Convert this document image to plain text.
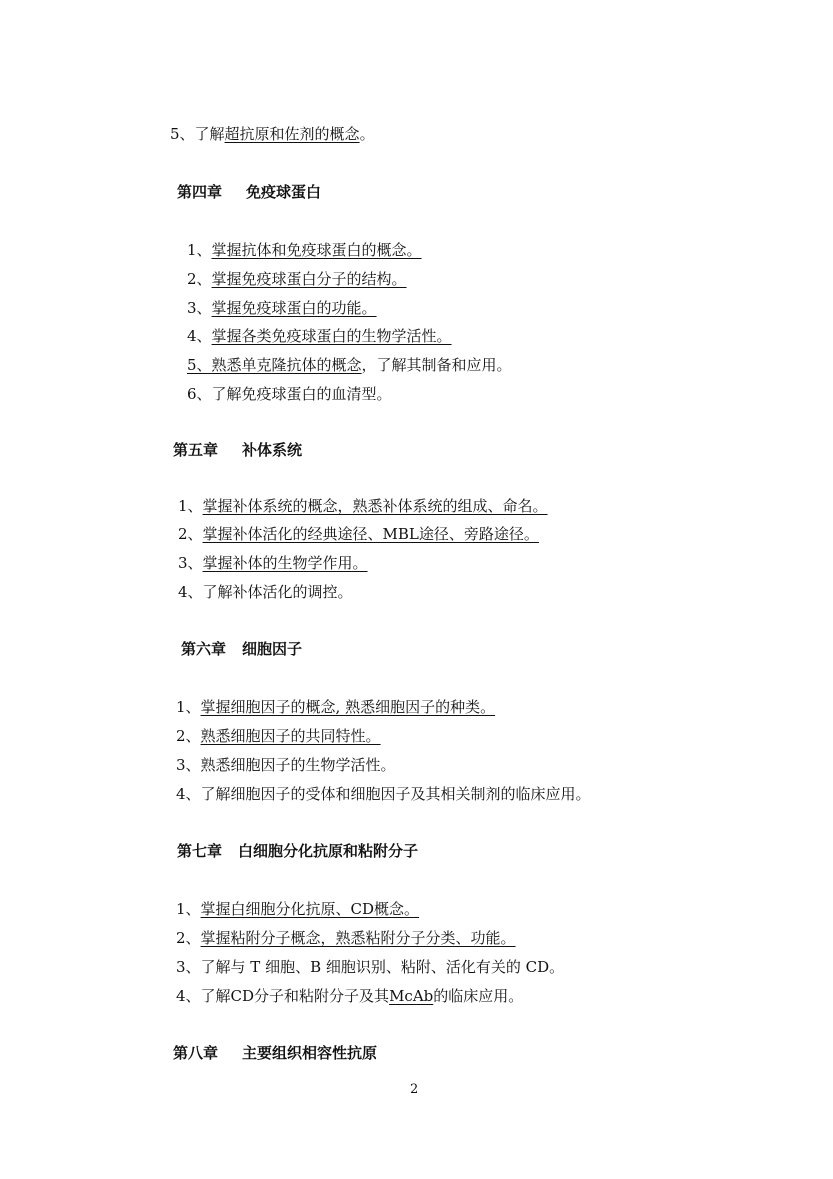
5、了解超抗原和佐剂的概念。
第四章 免疫球蛋白
1、掌握抗体和免疫球蛋白的概念。
2、掌握免疫球蛋白分子的结构。
3、掌握免疫球蛋白的功能。
4、掌握各类免疫球蛋白的生物学活性。
5、熟悉单克隆抗体的概念，了解其制备和应用。
6、了解免疫球蛋白的血清型。
第五章 补体系统
1、掌握补体系统的概念，熟悉补体系统的组成、命名。
2、掌握补体活化的经典途径、MBL途径、旁路途径。
3、掌握补体的生物学作用。
4、了解补体活化的调控。
第六章 细胞因子
1、掌握细胞因子的概念, 熟悉细胞因子的种类。
2、熟悉细胞因子的共同特性。
3、熟悉细胞因子的生物学活性。
4、了解细胞因子的受体和细胞因子及其相关制剂的临床应用。
第七章 白细胞分化抗原和粘附分子
1、掌握白细胞分化抗原、CD概念。
2、掌握粘附分子概念，熟悉粘附分子分类、功能。
3、了解与 T 细胞、B 细胞识别、粘附、活化有关的 CD。
4、了解CD分子和粘附分子及其McAb的临床应用。
第八章 主要组织相容性抗原
2
